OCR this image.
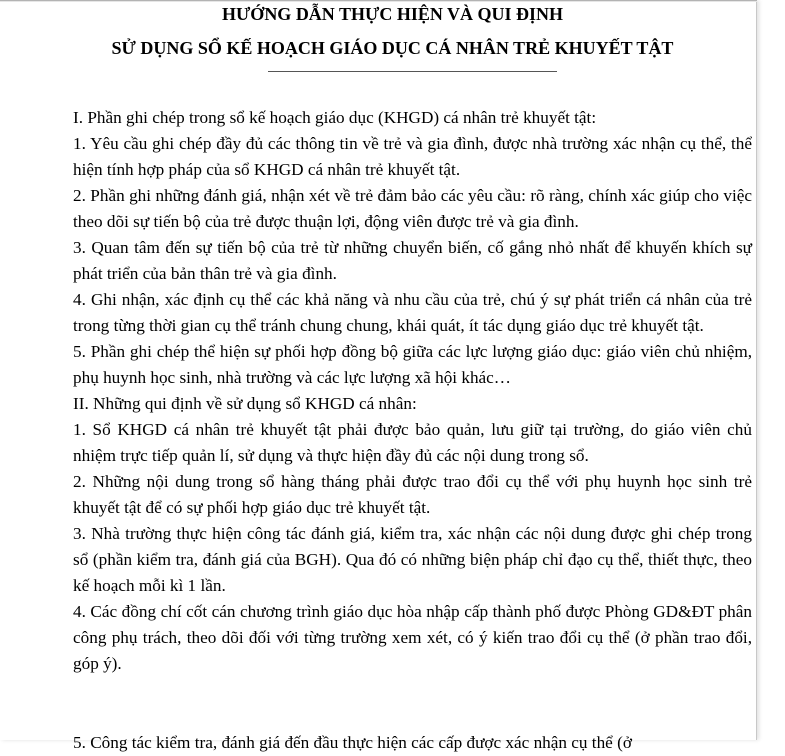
HƯỚNG DẪN THỰC HIỆN VÀ QUI ĐỊNH
SỬ DỤNG SỔ KẾ HOẠCH GIÁO DỤC CÁ NHÂN TRẺ KHUYẾT TẬT

I. Phần ghi chép trong sổ kế hoạch giáo dục (KHGD) cá nhân trẻ khuyết tật:

1. Yêu cầu ghi chép đầy đủ các thông tin về trẻ và gia đình, được nhà trường xác nhận cụ thể, thể hiện tính hợp pháp của sổ KHGD cá nhân trẻ khuyết tật.

2. Phần ghi những đánh giá, nhận xét về trẻ đảm bảo các yêu cầu: rõ ràng, chính xác giúp cho việc theo dõi sự tiến bộ của trẻ được thuận lợi, động viên được trẻ và gia đình.

3. Quan tâm đến sự tiến bộ của trẻ từ những chuyển biến, cố gắng nhỏ nhất để khuyến khích sự phát triển của bản thân trẻ và gia đình.

4. Ghi nhận, xác định cụ thể các khả năng và nhu cầu của trẻ, chú ý sự phát triển cá nhân của trẻ trong từng thời gian cụ thể tránh chung chung, khái quát, ít tác dụng giáo dục trẻ khuyết tật.

5. Phần ghi chép thể hiện sự phối hợp đồng bộ giữa các lực lượng giáo dục: giáo viên chủ nhiệm, phụ huynh học sinh, nhà trường và các lực lượng xã hội khác…

II. Những qui định về sử dụng sổ KHGD cá nhân:

1. Sổ KHGD cá nhân trẻ khuyết tật phải được bảo quản, lưu giữ tại trường, do giáo viên chủ nhiệm trực tiếp quản lí, sử dụng và thực hiện đầy đủ các nội dung trong sổ.

2. Những nội dung trong sổ hàng tháng phải được trao đổi cụ thể với phụ huynh học sinh trẻ khuyết tật để có sự phối hợp giáo dục trẻ khuyết tật.

3. Nhà trường thực hiện công tác đánh giá, kiểm tra, xác nhận các nội dung được ghi chép trong sổ (phần kiểm tra, đánh giá của BGH). Qua đó có những biện pháp chỉ đạo cụ thể, thiết thực, theo kế hoạch mỗi kì 1 lần.

4. Các đồng chí cốt cán chương trình giáo dục hòa nhập cấp thành phố được Phòng GD&ĐT phân công phụ trách, theo dõi đối với từng trường xem xét, có ý kiến trao đổi cụ thể (ở phần trao đổi, góp ý).

5. Công tác kiểm tra, đánh giá đến đầu thực hiện các cấp được xác nhận cụ thể (ở
